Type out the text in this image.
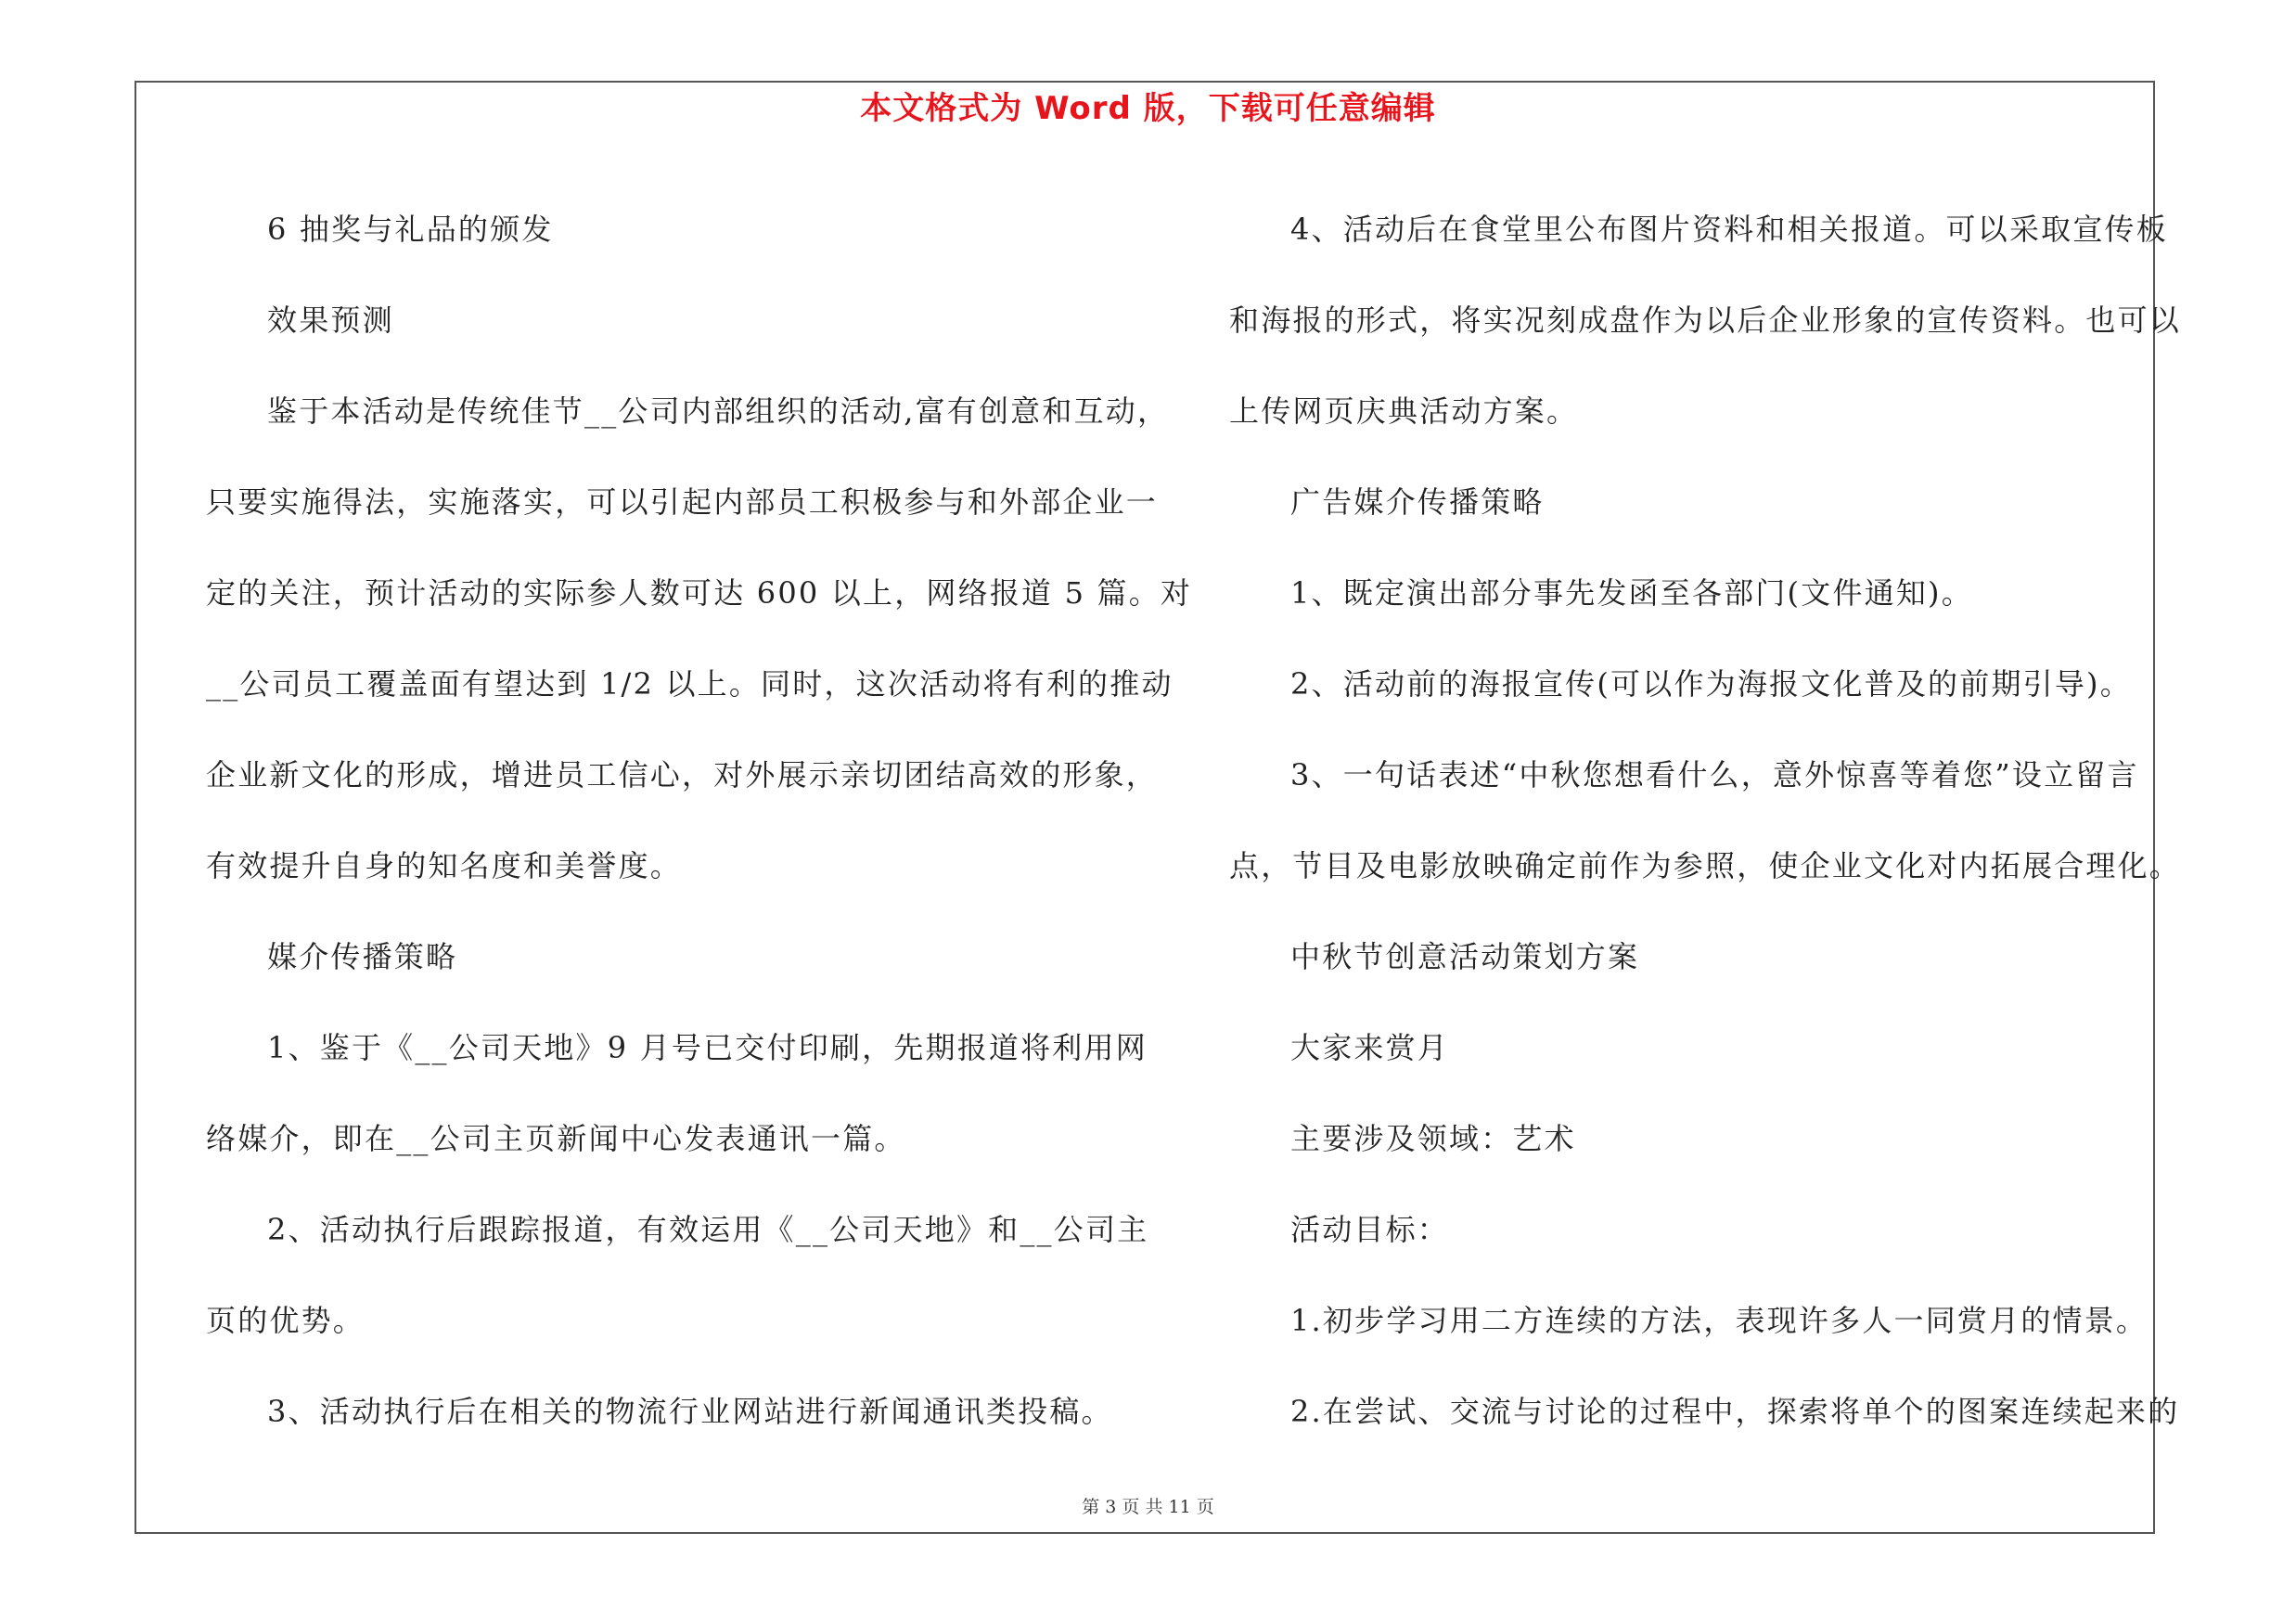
本文格式为 Word 版，下载可任意编辑

6 抽奖与礼品的颁发

效果预测

鉴于本活动是传统佳节__公司内部组织的活动,富有创意和互动，

只要实施得法，实施落实，可以引起内部员工积极参与和外部企业一

定的关注，预计活动的实际参人数可达 600 以上，网络报道 5 篇。对

__公司员工覆盖面有望达到 1/2 以上。同时，这次活动将有利的推动

企业新文化的形成，增进员工信心，对外展示亲切团结高效的形象，

有效提升自身的知名度和美誉度。

媒介传播策略

1、鉴于《__公司天地》9 月号已交付印刷，先期报道将利用网

络媒介，即在__公司主页新闻中心发表通讯一篇。

2、活动执行后跟踪报道，有效运用《__公司天地》和__公司主

页的优势。

3、活动执行后在相关的物流行业网站进行新闻通讯类投稿。

4、活动后在食堂里公布图片资料和相关报道。可以采取宣传板

和海报的形式，将实况刻成盘作为以后企业形象的宣传资料。也可以

上传网页庆典活动方案。

广告媒介传播策略

1、既定演出部分事先发函至各部门(文件通知)。

2、活动前的海报宣传(可以作为海报文化普及的前期引导)。

3、一句话表述“中秋您想看什么，意外惊喜等着您”设立留言

点，节目及电影放映确定前作为参照，使企业文化对内拓展合理化。

中秋节创意活动策划方案

大家来赏月

主要涉及领域：艺术

活动目标：

1.初步学习用二方连续的方法，表现许多人一同赏月的情景。

2.在尝试、交流与讨论的过程中，探索将单个的图案连续起来的

第 3 页 共 11 页
